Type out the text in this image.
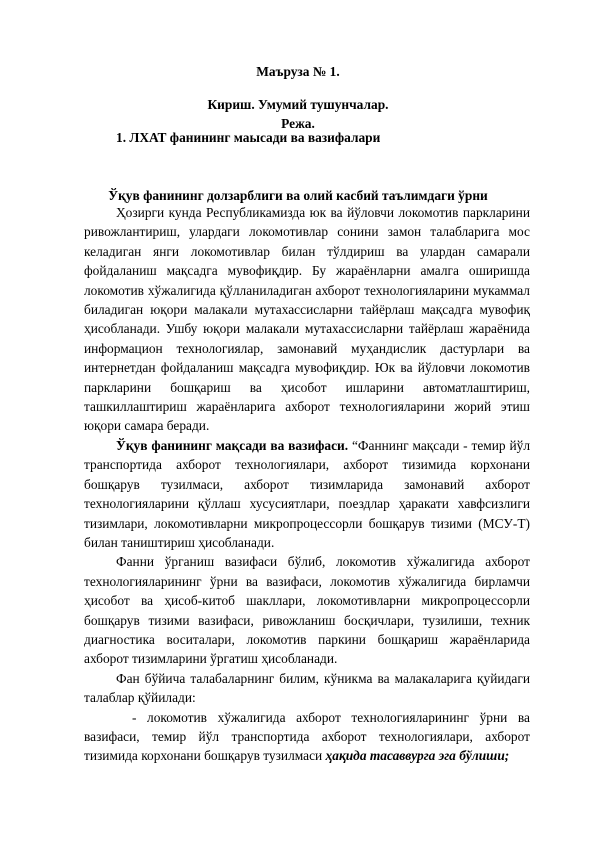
Маъруза № 1.
Кириш. Умумий тушунчалар.
Режа.
1. ЛХАТ фанининг маысади ва вазифалари
Ўқув фанининг долзарблиги ва олий касбий таълимдаги ўрни

Ҳозирги кунда Республикамизда юк ва йўловчи локомотив паркларини ривожлантириш, улардаги локомотивлар сонини замон талабларига мос келадиган янги локомотивлар билан тўлдириш ва улардан самарали фойдаланиш мақсадга мувофиқдир. Бу жараёнларни амалга оширишда локомотив хўжалигида қўлланиладиган ахборот технологияларини мукаммал биладиган юқори малакали мутахассисларни тайёрлаш мақсадга мувофиқ ҳисобланади. Ушбу юқори малакали мутахассисларни тайёрлаш жараёнида информацион технологиялар, замонавий муҳандислик дастурлари ва интернетдан фойдаланиш мақсадга мувофиқдир. Юк ва йўловчи локомотив паркларини бошқариш ва ҳисобот ишларини автоматлаштириш, ташкиллаштириш жараёнларига ахборот технологияларини жорий этиш юқори самара беради.

Ўқув фанининг мақсади ва вазифаси. “Фаннинг мақсади - темир йўл транспортида ахборот технологиялари, ахборот тизимида корхонани бошқарув тузилмаси, ахборот тизимларида замонавий ахборот технологияларини қўллаш хусусиятлари, поездлар ҳаракати хавфсизлиги тизимлари, локомотивларни микропроцессорли бошқарув тизими (МСУ-Т) билан таништириш ҳисобланади.

Фанни ўрганиш вазифаси бўлиб, локомотив хўжалигида ахборот технологияларининг ўрни ва вазифаси, локомотив хўжалигида бирламчи ҳисобот ва ҳисоб-китоб шакллари, локомотивларни микропроцессорли бошқарув тизими вазифаси, ривожланиш босқичлари, тузилиши, техник диагностика воситалари, локомотив паркини бошқариш жараёнларида ахборот тизимларини ўргатиш ҳисобланади.

Фан бўйича талабаларнинг билим, кўникма ва малакаларига қуйидаги талаблар қўйилади:

- локомотив хўжалигида ахборот технологияларининг ўрни ва вазифаси, темир йўл транспортида ахборот технологиялари, ахборот тизимида корхонани бошқарув тузилмаси ҳақида тасаввурга эга бўлиши;
